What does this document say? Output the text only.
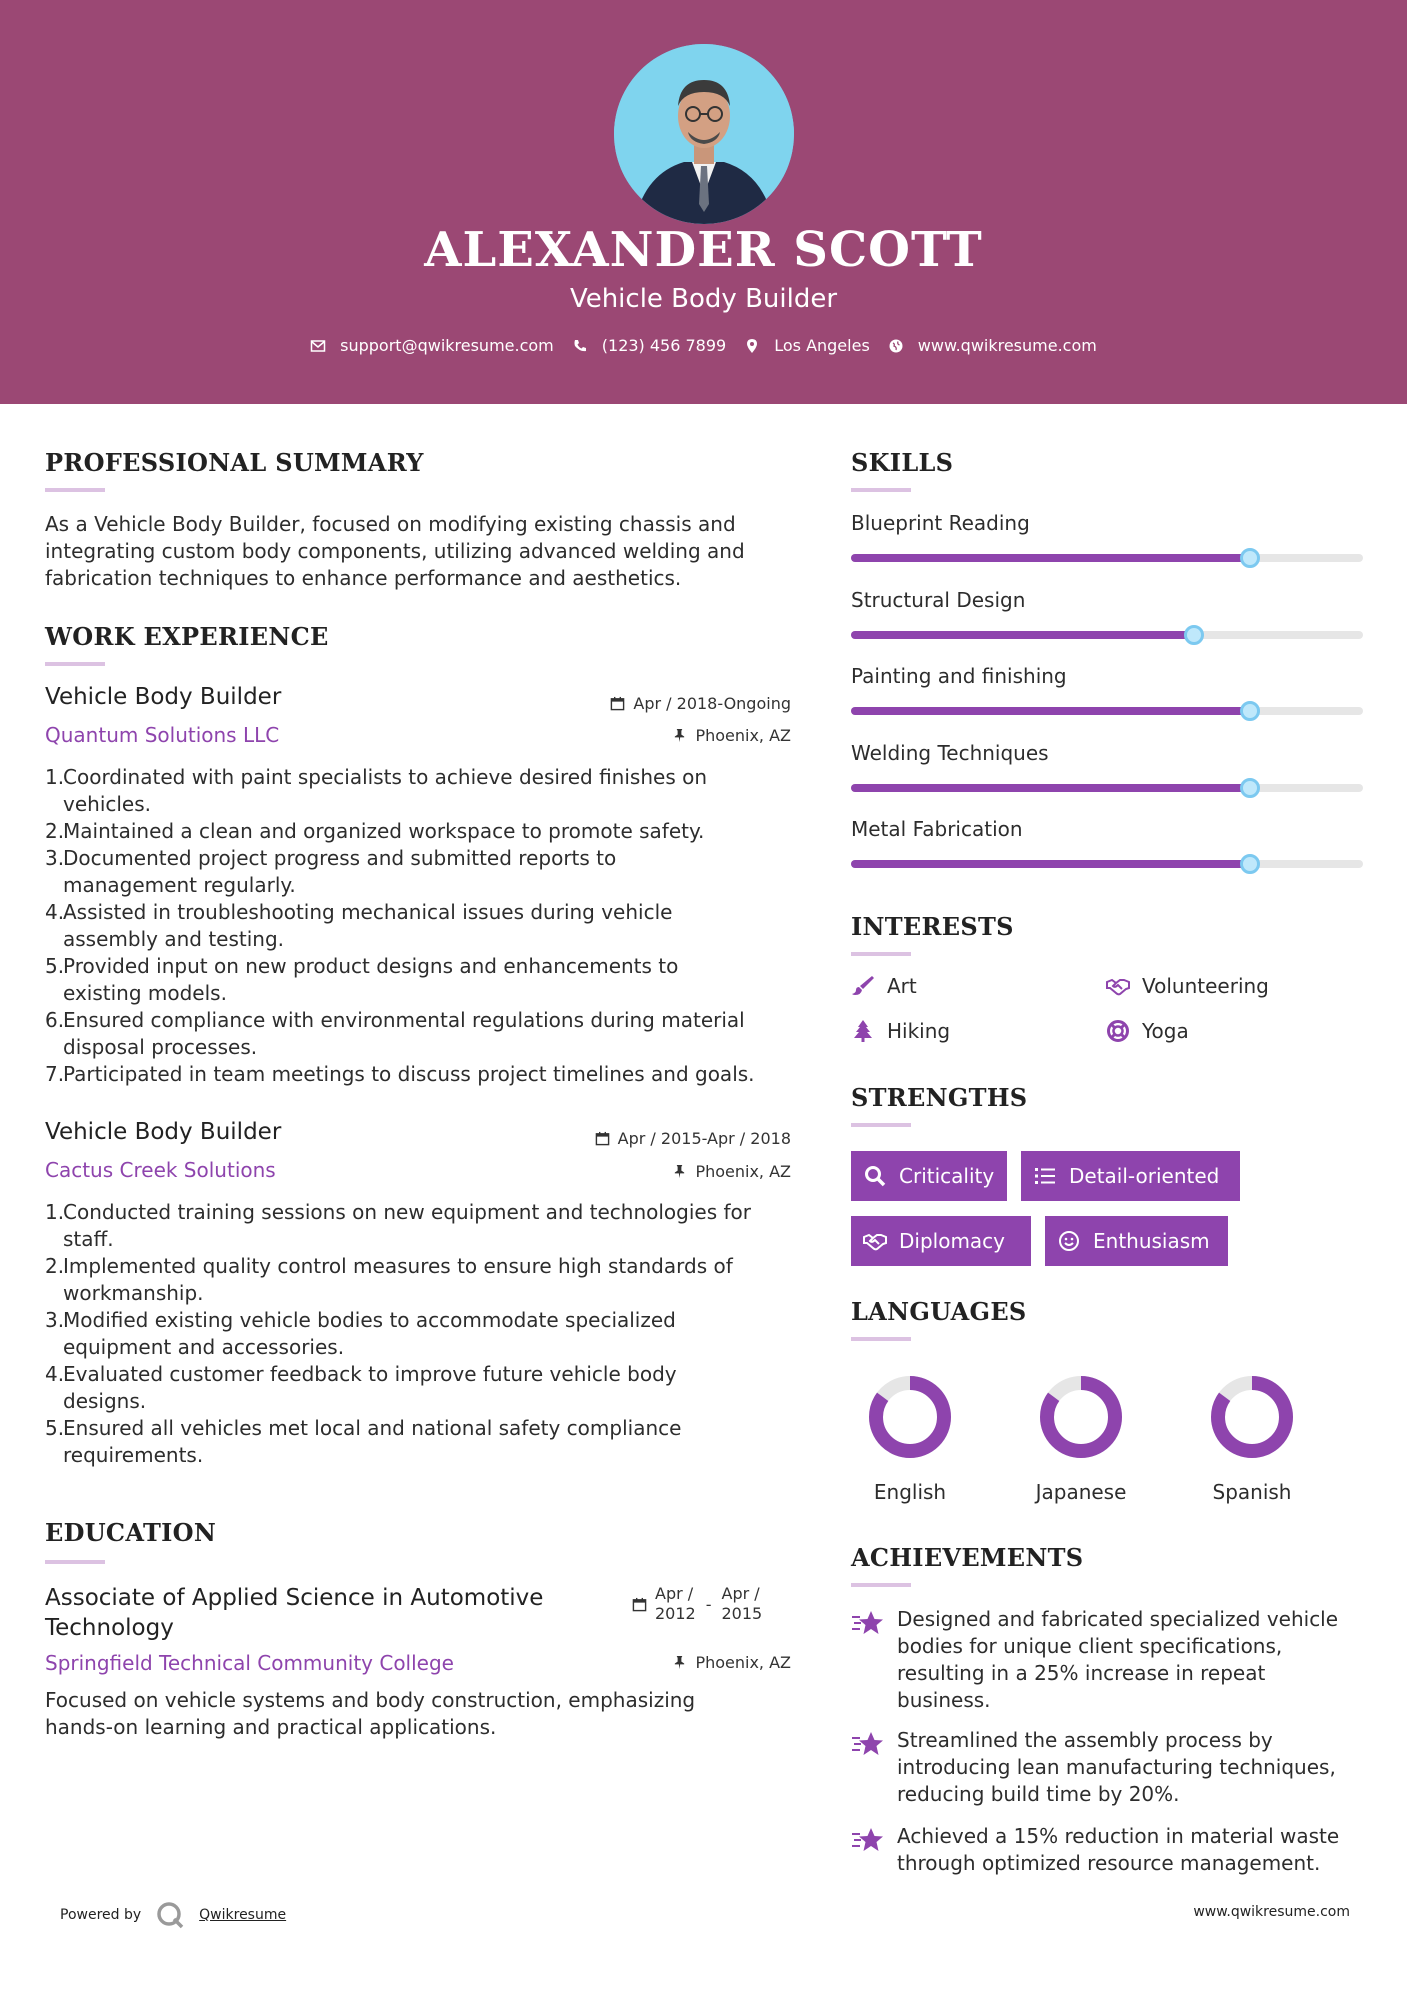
ALEXANDER SCOTT
Vehicle Body Builder
support@qwikresume.com	(123) 456 7899	Los Angeles	www.qwikresume.com
PROFESSIONAL SUMMARY
As a Vehicle Body Builder, focused on modifying existing chassis and
integrating custom body components, utilizing advanced welding and
fabrication techniques to enhance performance and aesthetics.
WORK EXPERIENCE
Vehicle Body Builder	Apr / 2018-Ongoing
Quantum Solutions LLC	Phoenix, AZ
1.
Coordinated with paint specialists to achieve desired finishes on
vehicles.
2.
Maintained a clean and organized workspace to promote safety.
3.
Documented project progress and submitted reports to
management regularly.
4.
Assisted in troubleshooting mechanical issues during vehicle
assembly and testing.
5.
Provided input on new product designs and enhancements to
existing models.
6.
Ensured compliance with environmental regulations during material
disposal processes.
7.
Participated in team meetings to discuss project timelines and goals.
Vehicle Body Builder	Apr / 2015-Apr / 2018
Cactus Creek Solutions	Phoenix, AZ
1.
Conducted training sessions on new equipment and technologies for
staff.
2.
Implemented quality control measures to ensure high standards of
workmanship.
3.
Modified existing vehicle bodies to accommodate specialized
equipment and accessories.
4.
Evaluated customer feedback to improve future vehicle body
designs.
5.
Ensured all vehicles met local and national safety compliance
requirements.
EDUCATION
Associate of Applied Science in Automotive
Technology
Apr /
2012 -
Apr /
2015
Springfield Technical Community College	Phoenix, AZ
Focused on vehicle systems and body construction, emphasizing
hands-on learning and practical applications.
SKILLS
Blueprint Reading
Structural Design
Painting and finishing
Welding Techniques
Metal Fabrication
INTERESTS
Art	Volunteering
Hiking	Yoga
STRENGTHS
Criticality	Detail-oriented
Diplomacy	Enthusiasm
LANGUAGES
English	Japanese	Spanish
ACHIEVEMENTS
Designed and fabricated specialized vehicle
bodies for unique client specifications,
resulting in a 25% increase in repeat
business.
Streamlined the assembly process by
introducing lean manufacturing techniques,
reducing build time by 20%.
Achieved a 15% reduction in material waste
through optimized resource management.
Powered by	Qwikresume	www.qwikresume.com
